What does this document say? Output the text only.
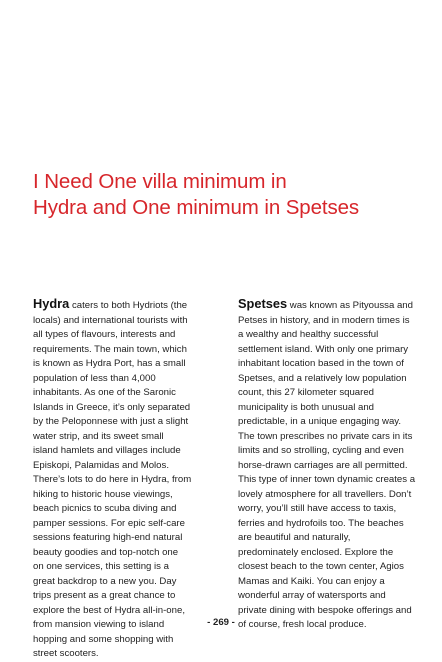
I Need One villa minimum in
Hydra and One minimum in Spetses

Hydra caters to both Hydriots (the
locals) and international tourists with
all types of flavours, interests and
requirements. The main town, which
is known as Hydra Port, has a small
population of less than 4,000
inhabitants. As one of the Saronic
Islands in Greece, it’s only separated
by the Peloponnese with just a slight
water strip, and its sweet small
island hamlets and villages include
Episkopi, Palamidas and Molos.
There’s lots to do here in Hydra, from
hiking to historic house viewings,
beach picnics to scuba diving and
pamper sessions. For epic self-care
sessions featuring high-end natural
beauty goodies and top-notch one
on one services, this setting is a
great backdrop to a new you. Day
trips present as a great chance to
explore the best of Hydra all-in-one,
from mansion viewing to island
hopping and some shopping with
street scooters.

Spetses was known as Pityoussa and
Petses in history, and in modern times is
a wealthy and healthy successful
settlement island. With only one primary
inhabitant location based in the town of
Spetses, and a relatively low population
count, this 27 kilometer squared
municipality is both unusual and
predictable, in a unique engaging way.
The town prescribes no private cars in its
limits and so strolling, cycling and even
horse-drawn carriages are all permitted.
This type of inner town dynamic creates a
lovely atmosphere for all travellers. Don’t
worry, you’ll still have access to taxis,
ferries and hydrofoils too. The beaches
are beautiful and naturally,
predominately enclosed. Explore the
closest beach to the town center, Agios
Mamas and Kaiki. You can enjoy a
wonderful array of watersports and
private dining with bespoke offerings and
of course, fresh local produce.

- 269 -
